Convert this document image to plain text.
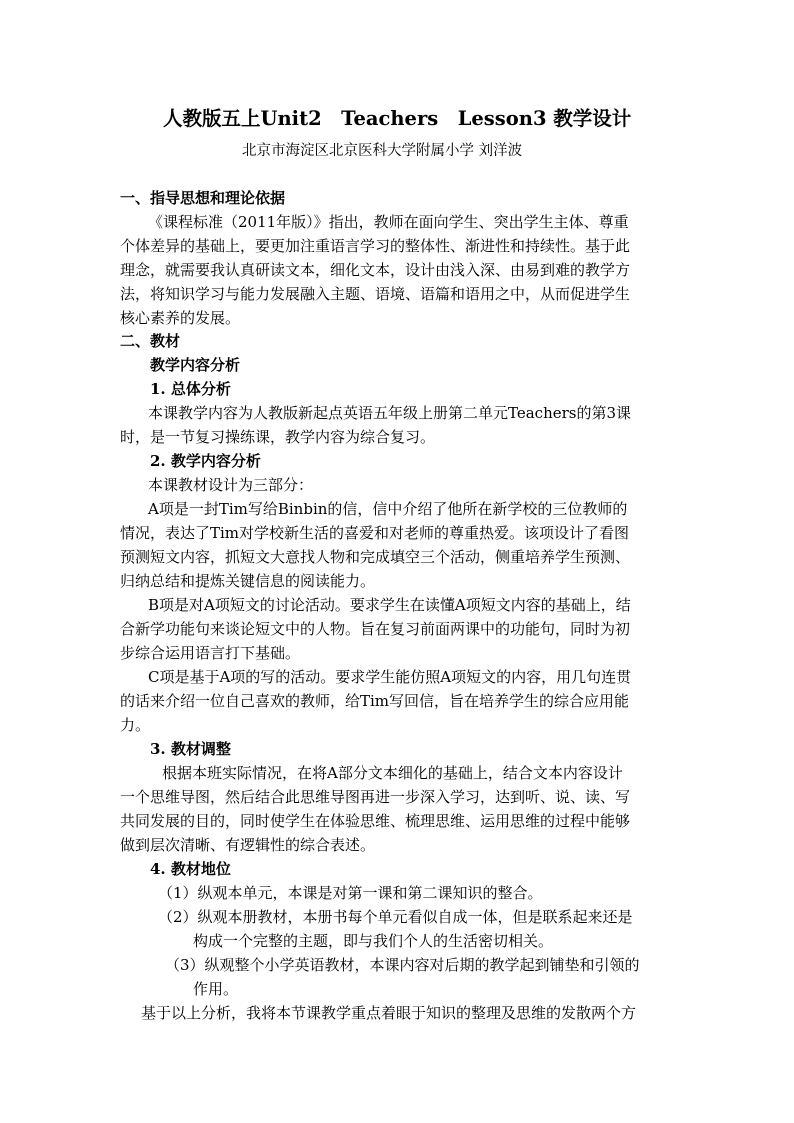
人教版五上Unit2　Teachers　Lesson3 教学设计
北京市海淀区北京医科大学附属小学 刘洋波
一、指导思想和理论依据
《课程标准（2011年版）》指出，教师在面向学生、突出学生主体、尊重
个体差异的基础上，要更加注重语言学习的整体性、渐进性和持续性。基于此
理念，就需要我认真研读文本，细化文本，设计由浅入深、由易到难的教学方
法，将知识学习与能力发展融入主题、语境、语篇和语用之中，从而促进学生
核心素养的发展。
二、教材
教学内容分析
1. 总体分析
本课教学内容为人教版新起点英语五年级上册第二单元Teachers的第3课
时，是一节复习操练课，教学内容为综合复习。
2. 教学内容分析
本课教材设计为三部分：
A项是一封Tim写给Binbin的信，信中介绍了他所在新学校的三位教师的
情况，表达了Tim对学校新生活的喜爱和对老师的尊重热爱。该项设计了看图
预测短文内容，抓短文大意找人物和完成填空三个活动，侧重培养学生预测、
归纳总结和提炼关键信息的阅读能力。
B项是对A项短文的讨论活动。要求学生在读懂A项短文内容的基础上，结
合新学功能句来谈论短文中的人物。旨在复习前面两课中的功能句，同时为初
步综合运用语言打下基础。
C项是基于A项的写的活动。要求学生能仿照A项短文的内容，用几句连贯
的话来介绍一位自己喜欢的教师，给Tim写回信，旨在培养学生的综合应用能
力。
3. 教材调整
根据本班实际情况，在将A部分文本细化的基础上，结合文本内容设计
一个思维导图，然后结合此思维导图再进一步深入学习，达到听、说、读、写
共同发展的目的，同时使学生在体验思维、梳理思维、运用思维的过程中能够
做到层次清晰、有逻辑性的综合表述。
4. 教材地位
（1）纵观本单元，本课是对第一课和第二课知识的整合。
（2）纵观本册教材，本册书每个单元看似自成一体，但是联系起来还是
构成一个完整的主题，即与我们个人的生活密切相关。
（3）纵观整个小学英语教材，本课内容对后期的教学起到铺垫和引领的
作用。
基于以上分析，我将本节课教学重点着眼于知识的整理及思维的发散两个方
